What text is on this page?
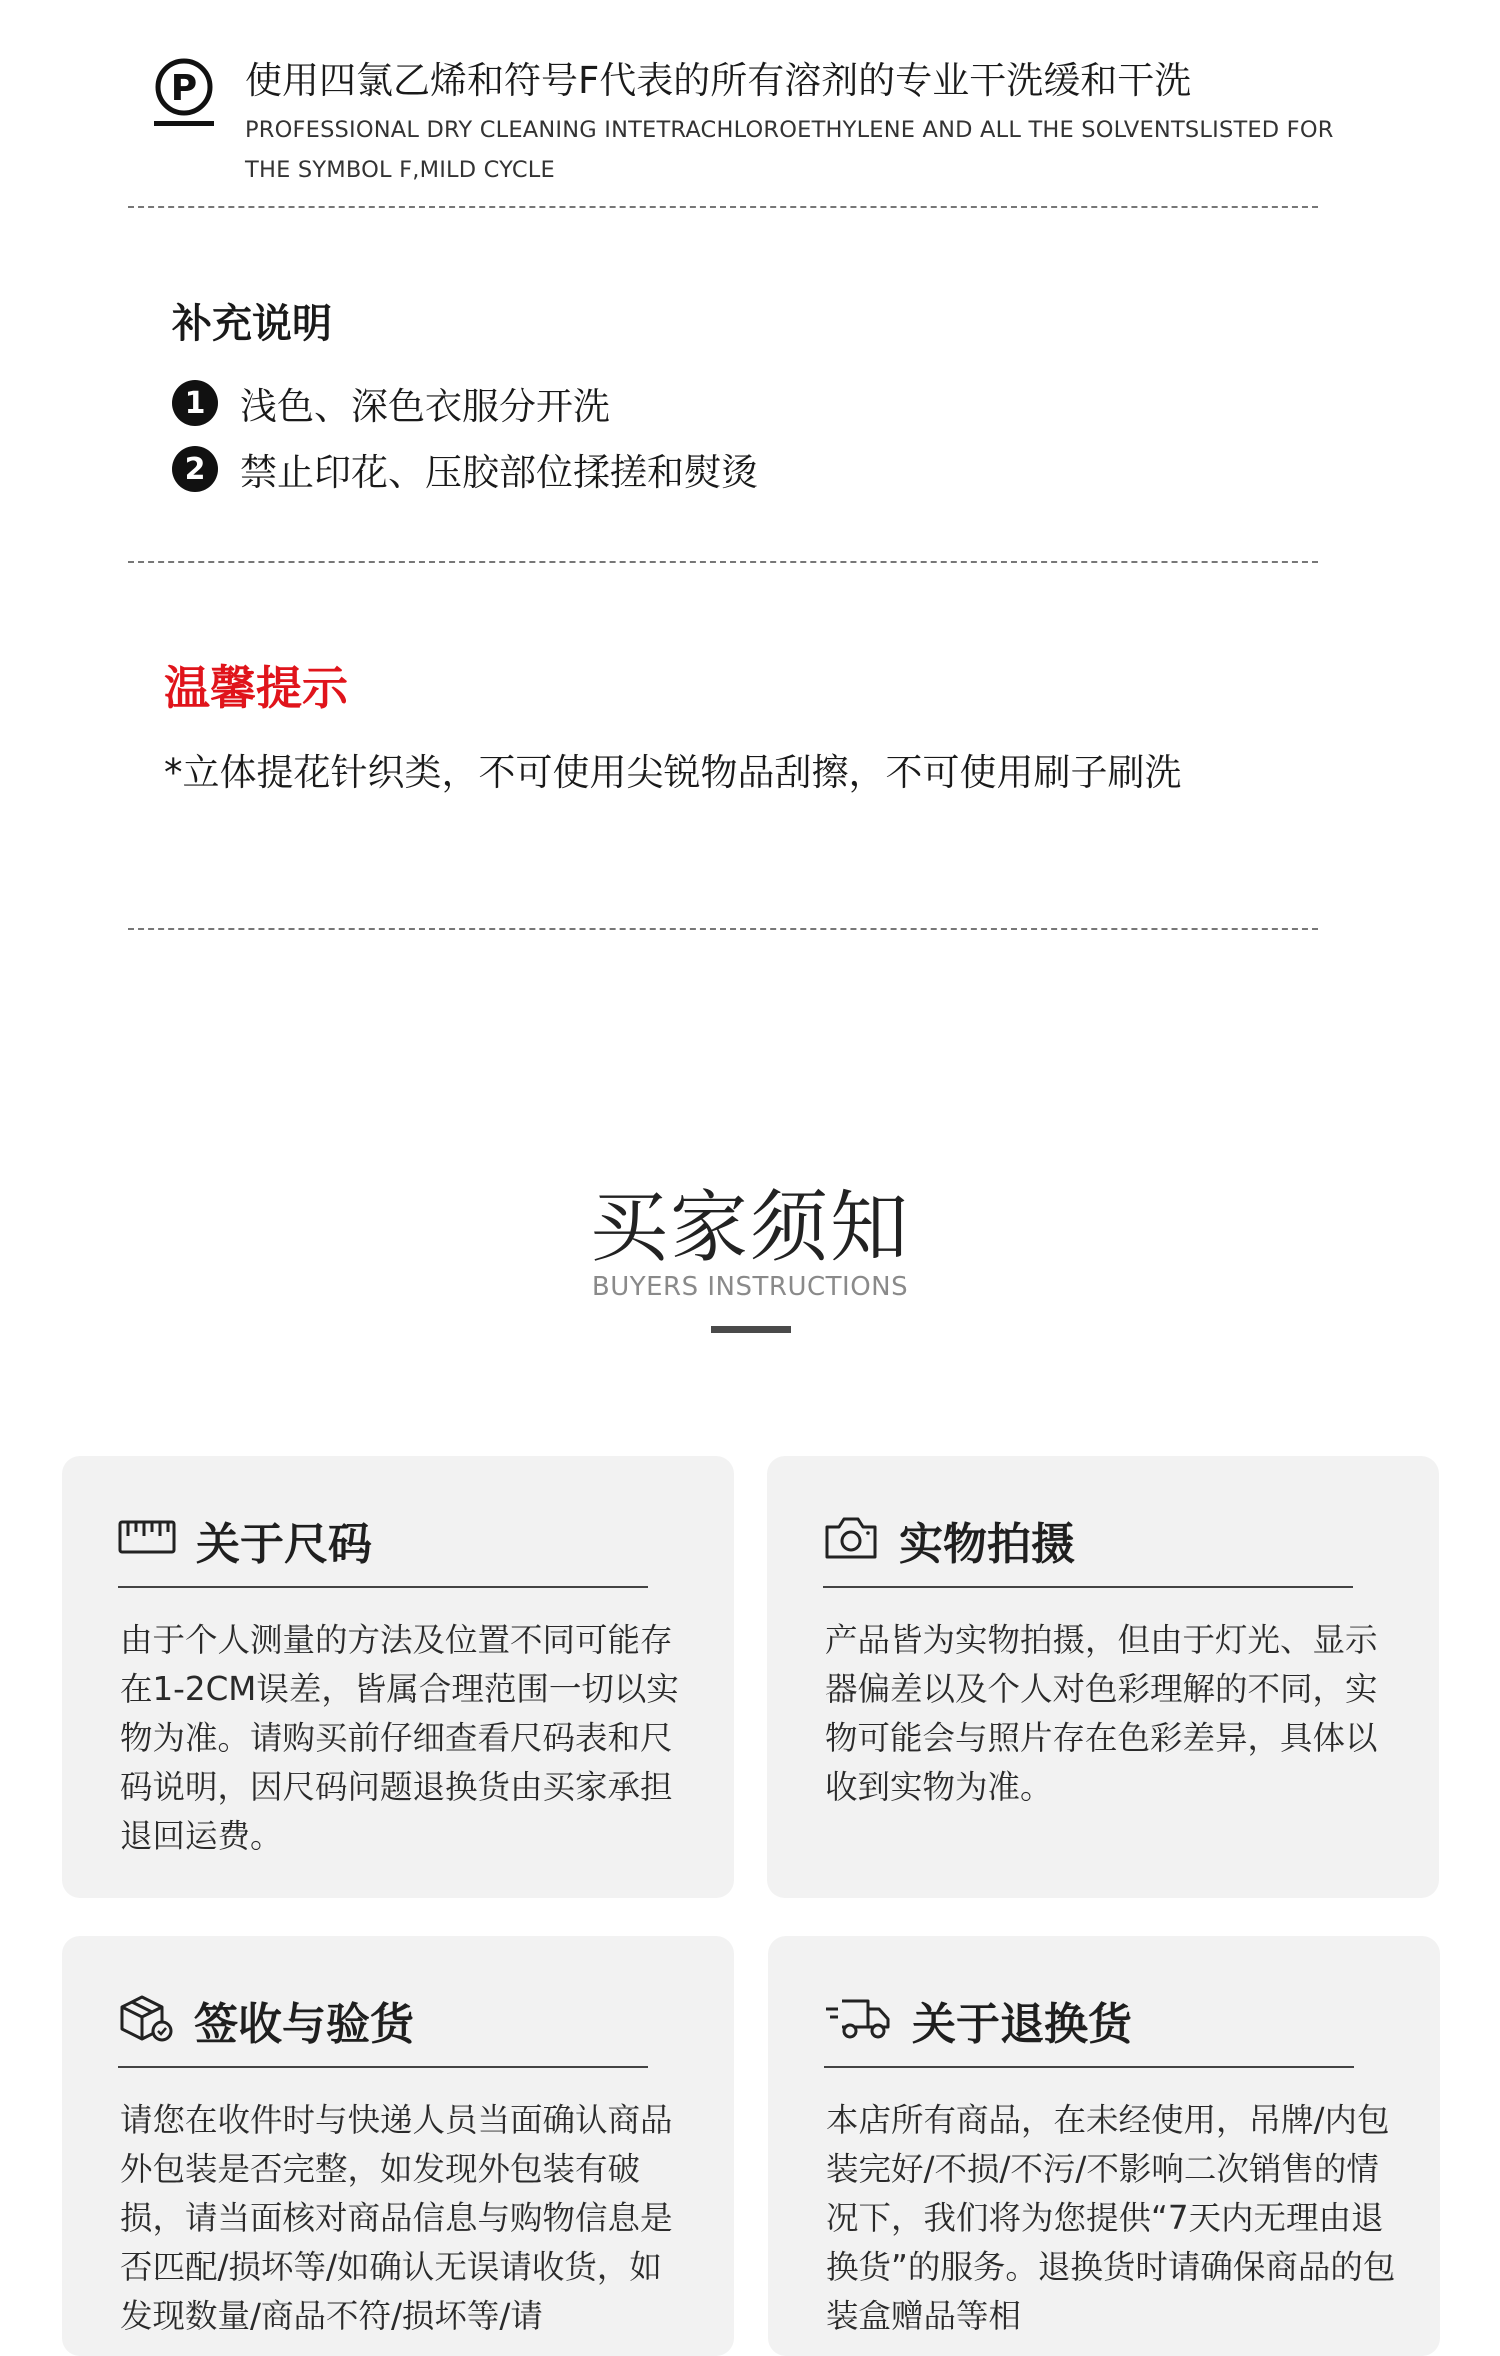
P 使用四氯乙烯和符号F代表的所有溶剂的专业干洗缓和干洗
PROFESSIONAL DRY CLEANING INTETRACHLOROETHYLENE AND ALL THE SOLVENTSLISTED FOR THE SYMBOL F,MILD CYCLE
补充说明
1 浅色、深色衣服分开洗
2 禁止印花、压胶部位揉搓和熨烫
温馨提示
*立体提花针织类，不可使用尖锐物品刮擦，不可使用刷子刷洗
买家须知
BUYERS INSTRUCTIONS
关于尺码
由于个人测量的方法及位置不同可能存在1-2CM误差，皆属合理范围一切以实物为准。请购买前仔细查看尺码表和尺码说明，因尺码问题退换货由买家承担退回运费。
实物拍摄
产品皆为实物拍摄，但由于灯光、显示器偏差以及个人对色彩理解的不同，实物可能会与照片存在色彩差异，具体以收到实物为准。
签收与验货
请您在收件时与快递人员当面确认商品外包装是否完整，如发现外包装有破损，请当面核对商品信息与购物信息是否匹配/损坏等/如确认无误请收货，如发现数量/商品不符/损坏等/请
关于退换货
本店所有商品，在未经使用，吊牌/内包装完好/不损/不污/不影响二次销售的情况下，我们将为您提供“7天内无理由退换货”的服务。退换货时请确保商品的包装盒赠品等相
